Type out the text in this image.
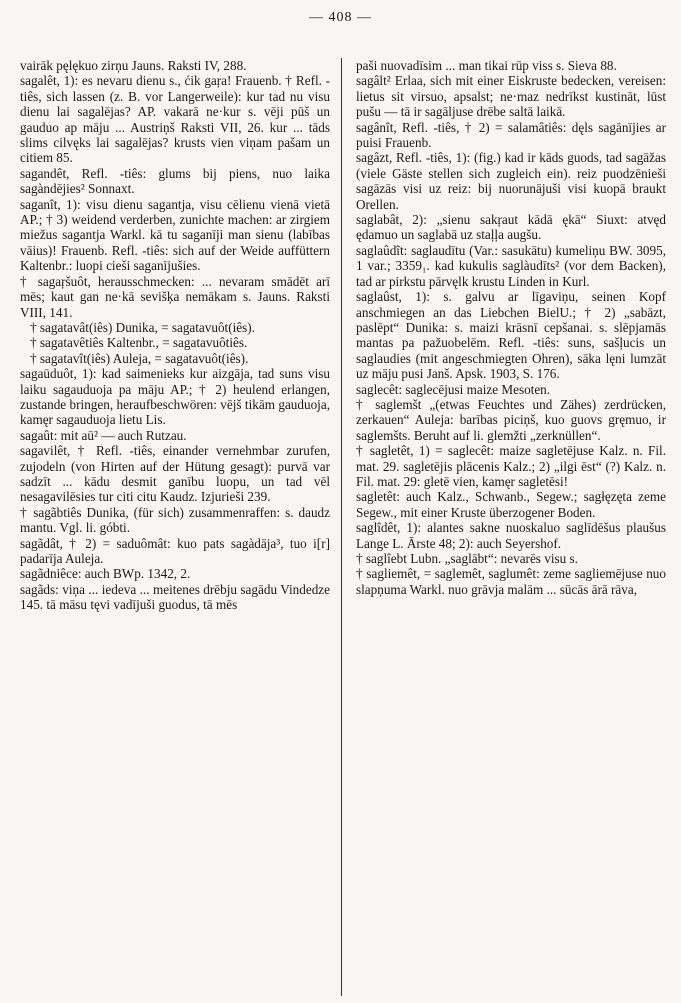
— 408 —

vairāk pęlękuo zirņu Jauns. Raksti IV, 288.

sagalêt, 1): es nevaru dienu s., ćik gaŗa! Frauenb. † Refl. -tiês, sich lassen (z. B. vor Langerweile): kur tad nu visu dienu lai sagalējas? AP. vakarā ne·kur s. vēji pūš un gauduo ap māju ... Austriņš Raksti VII, 26. kur ... tāds slims cilvęks lai sagalējas? krusts vien viņam pašam un citiem 85.

sagandêt, Refl. -tiês: glums bij piens, nuo laika sagàndējies² Sonnaxt.

saganît, 1): visu dienu sagantja, visu cēlienu vienā vietā AP.; † 3) weidend verderben, zunichte machen: ar zirgiem miežus sagantja Warkl. kā tu saganīji man sienu (labības vāius)! Frauenb. Refl. -tiês: sich auf der Weide auffüttern Kaltenbr.: luopi cieši saganījušies.

† sagaŗšuôt, herausschmecken: ... nevaram smādēt arī mēs; kaut gan ne·kā sevišķa nemākam s. Jauns. Raksti VIII, 141.

† sagatavât(iês) Dunika, = sagatavuôt(iês).

† sagatavêtiês Kaltenbr., = sagatavuôtiês.

† sagatavît(iês) Auleja, = sagatavuôt(iês).

sagaūduôt, 1): kad saimenieks kur aizgāja, tad suns visu laiku sagauduoja pa māju AP.; † 2) heulend erlangen, zustande bringen, heraufbeschwören: vējš tikām gauduoja, kamęr sagauduoja lietu Lis.

sagaût: mit aū² — auch Rutzau.

sagavilêt, † Refl. -tiês, einander vernehmbar zurufen, zujodeln (von Hirten auf der Hütung gesagt): purvā var sadzīt ... kādu desmit ganību luopu, un tad vēl nesagavilēsies tur citi citu Kaudz. Izjurieši 239.

† sagãbtiês Dunika, (für sich) zusammenraffen: s. daudz mantu. Vgl. li. góbti.

sagãdât, † 2) = saduômât: kuo pats sagàdāja³, tuo i[r] padarīja Auleja.

sagãdniêce: auch BWp. 1342, 2.

sagãds: viņa ... iedeva ... meitenes drēbju sagādu Vindedze 145. tā māsu tęvi vadījuši guodus, tā mēs

paši nuovadīsim ... man tikai rūp viss s. Sieva 88.

sagâlt² Erlaa, sich mit einer Eiskruste bedecken, vereisen: lietus sit virsuo, apsalst; ne·maz nedrīkst kustināt, lūst pušu — tā ir sagāljuse drēbe saltā laikā.

sagânît, Refl. -tiês, † 2) = salamâtiês: dęls sagānījies ar puisi Frauenb.

sagâzt, Refl. -tiês, 1): (fig.) kad ir kāds guods, tad sagāžas (viele Gäste stellen sich zugleich ein). reiz puodzēnieši sagāzās visi uz reiz: bij nuorunājuši visi kuopā braukt Orellen.

saglabât, 2): „sienu sakŗaut kādā ękā“ Siuxt: atvęd ędamuo un saglabā uz staļļa augšu.

saglaûdît: saglaudītu (Var.: sasukātu) kumeliņu BW. 3095, 1 var.; 3359₁. kad kukulis saglàudīts² (vor dem Backen), tad ar pirkstu pārvęlk krustu Linden in Kurl.

saglaûst, 1): s. galvu ar līgaviņu, seinen Kopf anschmiegen an das Liebchen BielU.; † 2) „sabāzt, paslēpt“ Dunika: s. maizi krāsnī cepšanai. s. slēpjamās mantas pa pažuobelēm. Refl. -tiês: suns, sašļucis un saglaudies (mit angeschmiegten Ohren), sāka lęni lumzāt uz māju pusi Janš. Apsk. 1903, S. 176.

saglecêt: saglecējusi maize Mesoten.

† saglemšt „(etwas Feuchtes und Zähes) zerdrücken, zerkauen“ Auleja: barības piciņš, kuo guovs gręmuo, ir saglemšts. Beruht auf li. glemžti „zerknüllen“.

† sagletêt, 1) = saglecêt: maize sagletējuse Kalz. n. Fil. mat. 29. sagletējis plācenis Kalz.; 2) „ilgi ēst“ (?) Kalz. n. Fil. mat. 29: gletē vien, kamęr sagletēsi!

sagletêt: auch Kalz., Schwanb., Segew.; sagłęzęta zeme Segew., mit einer Kruste überzogener Boden.

saglîdêt, 1): alantes sakne nuoskaluo saglīdēšus plaušus Lange L. Ārste 48; 2): auch Seyershof.

† saglîebt Lubn. „saglābt“: nevarēs visu s.

† sagliemêt, = saglemêt, saglumêt: zeme sagliemējuse nuo slapņuma Warkl. nuo grāvja malām ... sūcās ārā rāva,
